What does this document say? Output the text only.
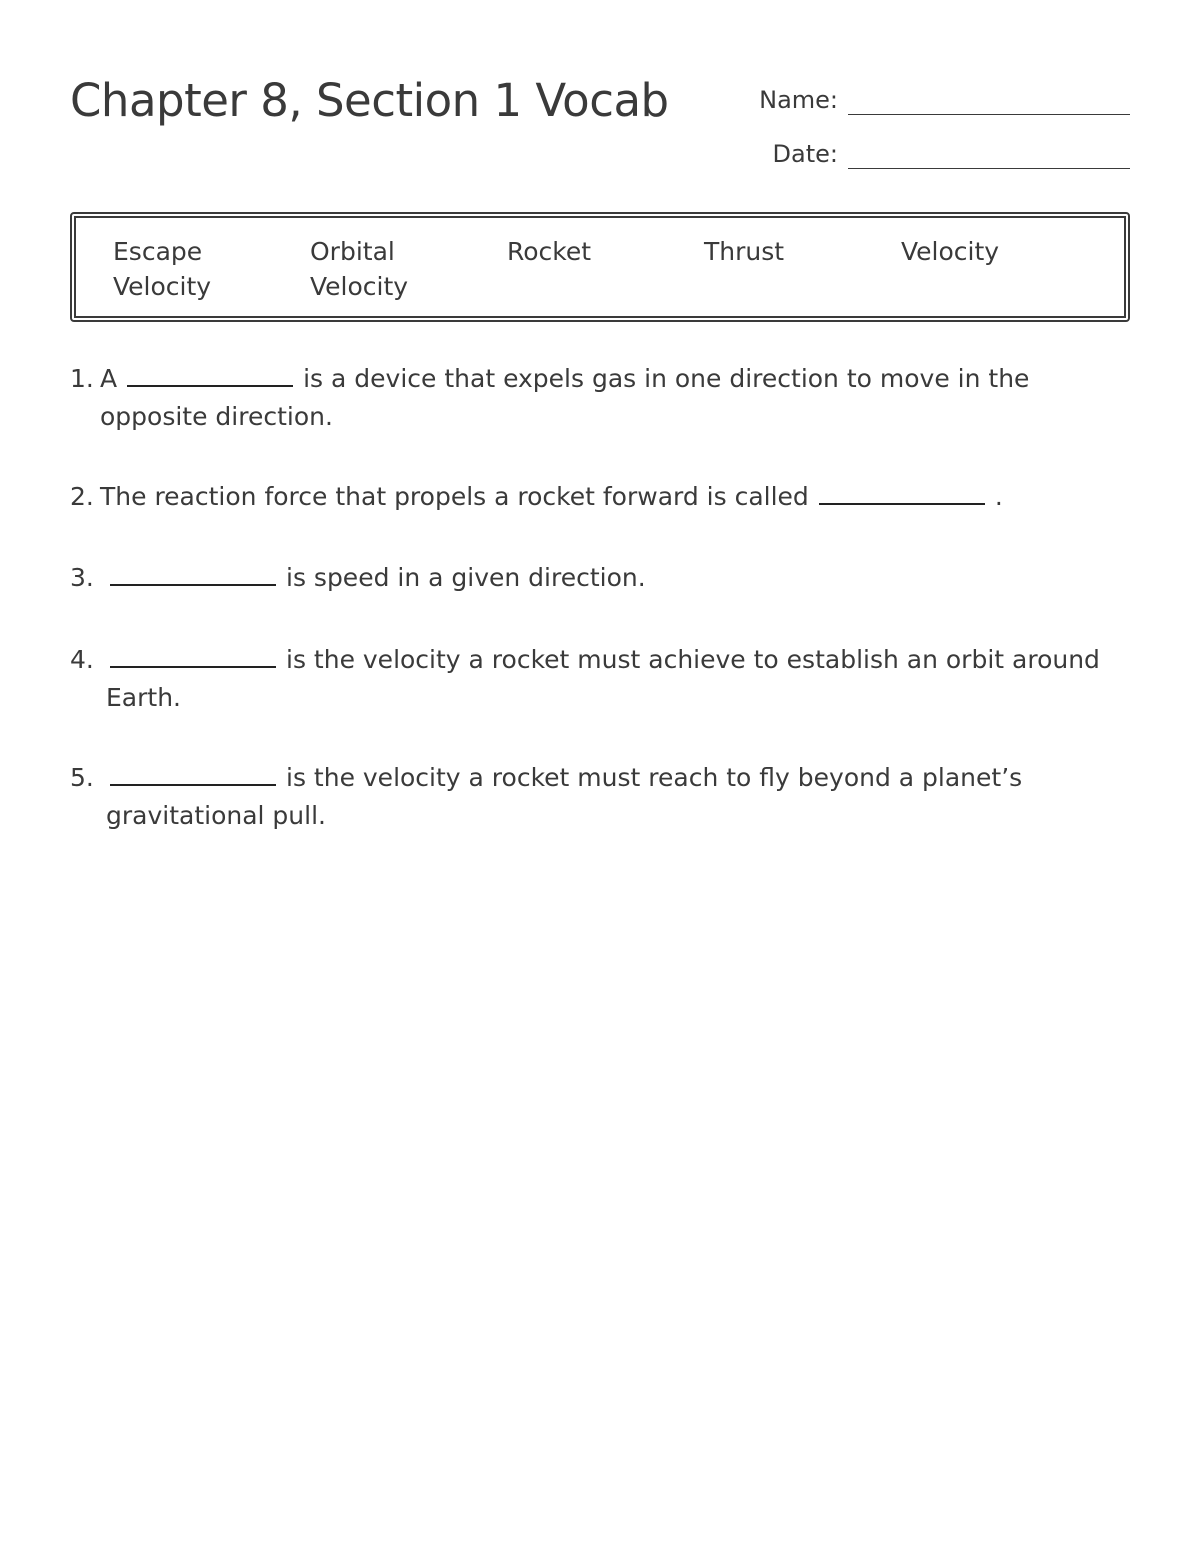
Chapter 8, Section 1 Vocab	Name:
Date:
Escape
Velocity
Orbital
Velocity
Rocket	Thrust	Velocity
1. A	is a device that expels gas in one direction to move in the
opposite direction.
2. The reaction force that propels a rocket forward is called	.
3.	is speed in a given direction.
4.	is the velocity a rocket must achieve to establish an orbit around
Earth.
5.	is the velocity a rocket must reach to fly beyond a planet’s
gravitational pull.
